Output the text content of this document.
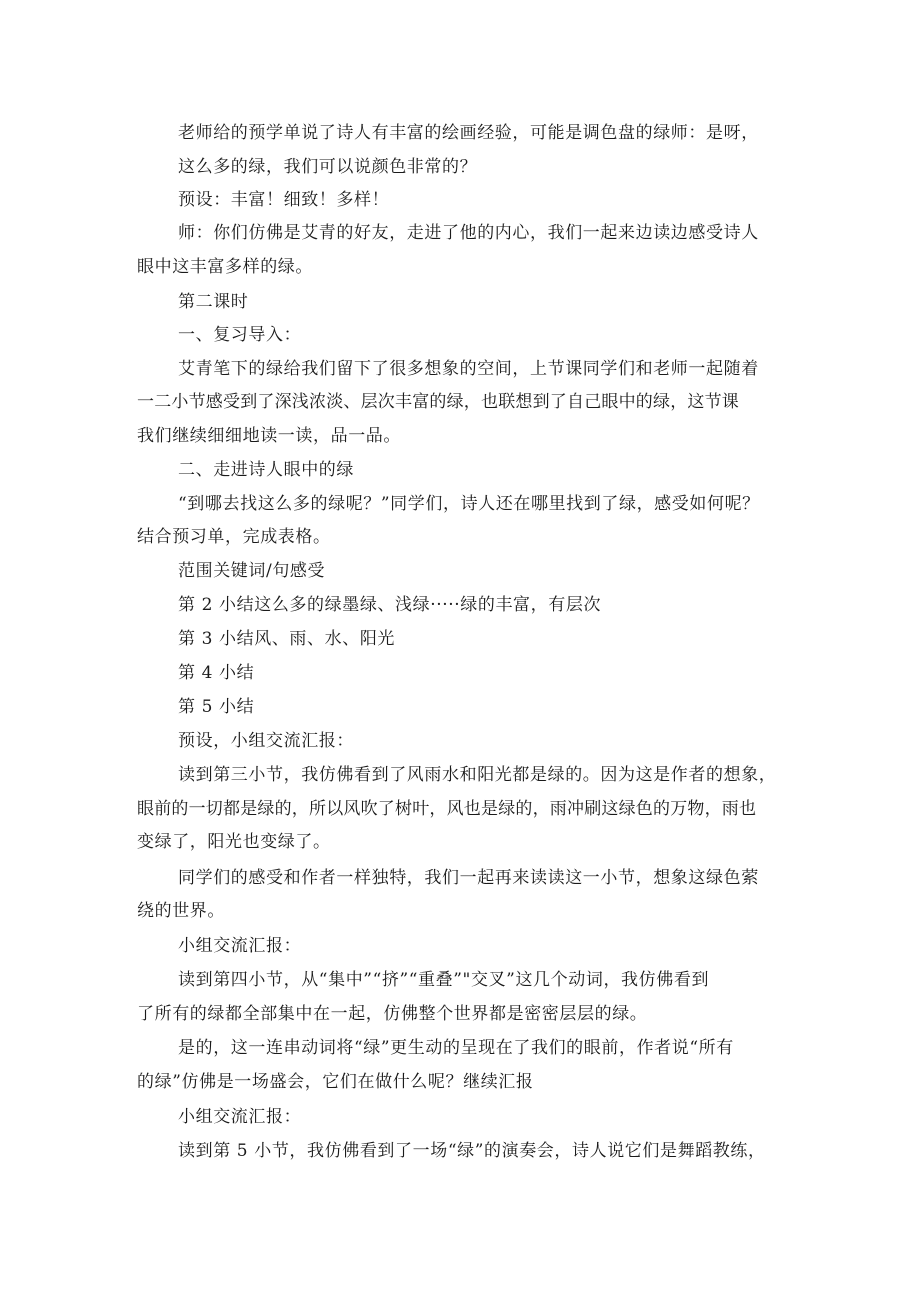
老师给的预学单说了诗人有丰富的绘画经验，可能是调色盘的绿师：是呀，
这么多的绿，我们可以说颜色非常的？
预设：丰富！细致！多样！
师：你们仿佛是艾青的好友，走进了他的内心，我们一起来边读边感受诗人
眼中这丰富多样的绿。
第二课时
一、复习导入：
艾青笔下的绿给我们留下了很多想象的空间，上节课同学们和老师一起随着
一二小节感受到了深浅浓淡、层次丰富的绿，也联想到了自己眼中的绿，这节课
我们继续细细地读一读，品一品。
二、走进诗人眼中的绿
“到哪去找这么多的绿呢？”同学们，诗人还在哪里找到了绿，感受如何呢？
结合预习单，完成表格。
范围关键词/句感受
第 2 小结这么多的绿墨绿、浅绿·····绿的丰富，有层次
第 3 小结风、雨、水、阳光
第 4 小结
第 5 小结
预设，小组交流汇报：
读到第三小节，我仿佛看到了风雨水和阳光都是绿的。因为这是作者的想象，
眼前的一切都是绿的，所以风吹了树叶，风也是绿的，雨冲刷这绿色的万物，雨也
变绿了，阳光也变绿了。
同学们的感受和作者一样独特，我们一起再来读读这一小节，想象这绿色萦
绕的世界。
小组交流汇报：
读到第四小节，从“集中”“挤”“重叠”"交叉”这几个动词，我仿佛看到
了所有的绿都全部集中在一起，仿佛整个世界都是密密层层的绿。
是的，这一连串动词将“绿”更生动的呈现在了我们的眼前，作者说“所有
的绿”仿佛是一场盛会，它们在做什么呢？继续汇报
小组交流汇报：
读到第 5 小节，我仿佛看到了一场“绿”的演奏会，诗人说它们是舞蹈教练，
